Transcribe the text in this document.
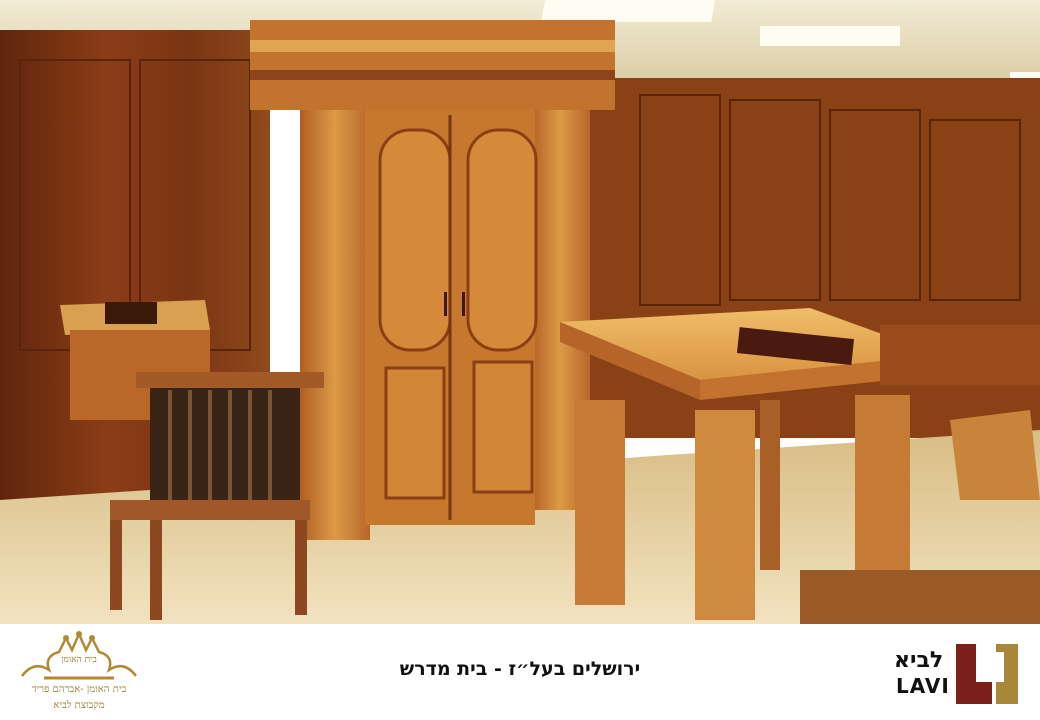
בית האומן
בית האומן -אברהם פריד
מקבוצת לביא
ירושלים בעל״ז - בית מדרש	לביא
LAVI
